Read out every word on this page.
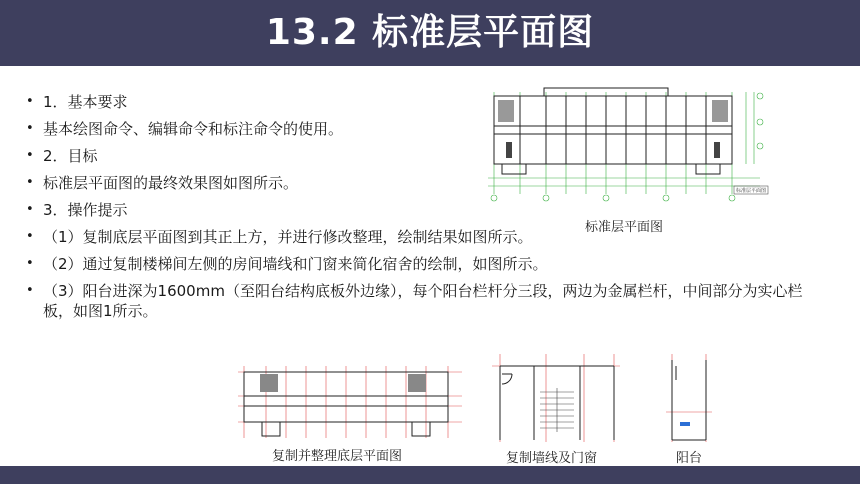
13.2 标准层平面图
• 1．基本要求
• 基本绘图命令、编辑命令和标注命令的使用。
• 2．目标
• 标准层平面图的最终效果图如图所示。
• 3．操作提示
• （1）复制底层平面图到其正上方，并进行修改整理，绘制结果如图所示。
• （2）通过复制楼梯间左侧的房间墙线和门窗来简化宿舍的绘制，如图所示。
• （3）阳台进深为1600mm（至阳台结构底板外边缘），每个阳台栏杆分三段，两边为金属栏杆，中间部分为实心栏板，如图1所示。
标准层平面图
标准层平面图
复制并整理底层平面图	复制墙线及门窗	阳台
